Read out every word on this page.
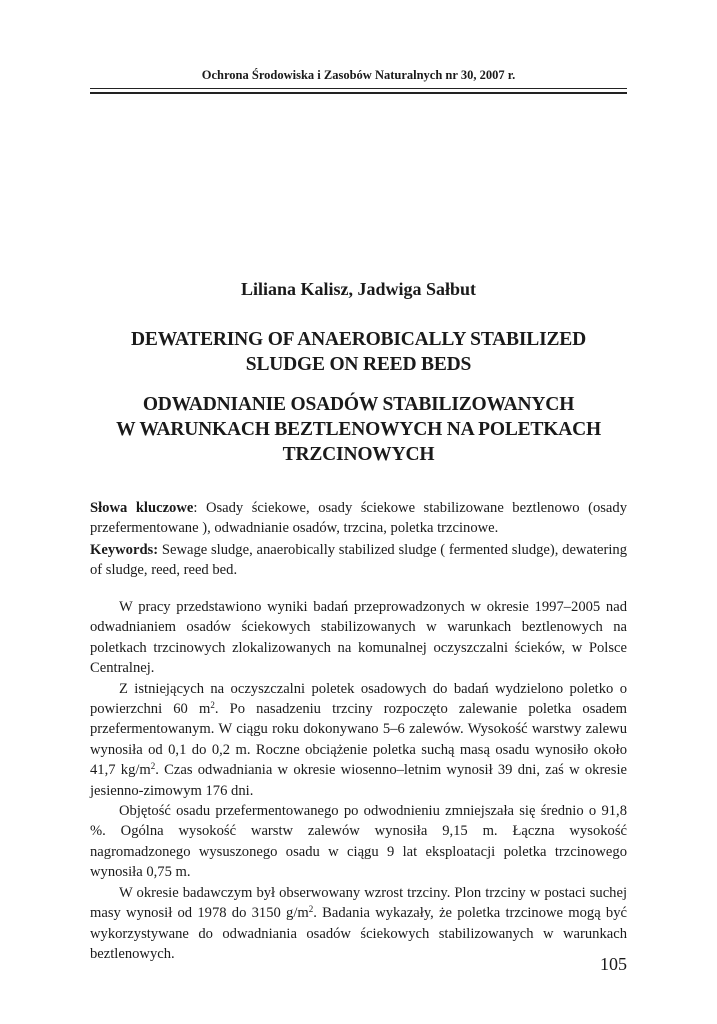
Ochrona Środowiska i Zasobów Naturalnych nr 30, 2007 r.
Liliana Kalisz, Jadwiga Sałbut
DEWATERING OF ANAEROBICALLY STABILIZED
SLUDGE ON REED BEDS
ODWADNIANIE OSADÓW STABILIZOWANYCH
W WARUNKACH BEZTLENOWYCH NA POLETKACH
TRZCINOWYCH
Słowa kluczowe: Osady ściekowe, osady ściekowe stabilizowane beztlenowo (osady przefermentowane ), odwadnianie osadów, trzcina, poletka trzcinowe.
Keywords: Sewage sludge, anaerobically stabilized sludge ( fermented sludge), dewatering of sludge, reed, reed bed.

W pracy przedstawiono wyniki badań przeprowadzonych w okresie 1997–2005 nad odwadnianiem osadów ściekowych stabilizowanych w warunkach beztlenowych na poletkach trzcinowych zlokalizowanych na komunalnej oczyszczalni ścieków, w Polsce Centralnej.

Z istniejących na oczyszczalni poletek osadowych do badań wydzielono poletko o powierzchni 60 $m^2$. Po nasadzeniu trzciny rozpoczęto zalewanie poletka osadem przefermentowanym. W ciągu roku dokonywano 5–6 zalewów. Wysokość warstwy zalewu wynosiła od 0,1 do 0,2 m. Roczne obciążenie poletka suchą masą osadu wynosiło około 41,7 $kg/m^2$. Czas odwadniania w okresie wiosenno–letnim wynosił 39 dni, zaś w okresie jesienno-zimowym 176 dni.

Objętość osadu przefermentowanego po odwodnieniu zmniejszała się średnio o 91,8 %. Ogólna wysokość warstw zalewów wynosiła 9,15 m. Łączna wysokość nagromadzonego wysuszonego osadu w ciągu 9 lat eksploatacji poletka trzcinowego wynosiła 0,75 m.

W okresie badawczym był obserwowany wzrost trzciny. Plon trzciny w postaci suchej masy wynosił od 1978 do 3150 $g/m^2$. Badania wykazały, że poletka trzcinowe mogą być wykorzystywane do odwadniania osadów ściekowych stabilizowanych w warunkach beztlenowych.

105
